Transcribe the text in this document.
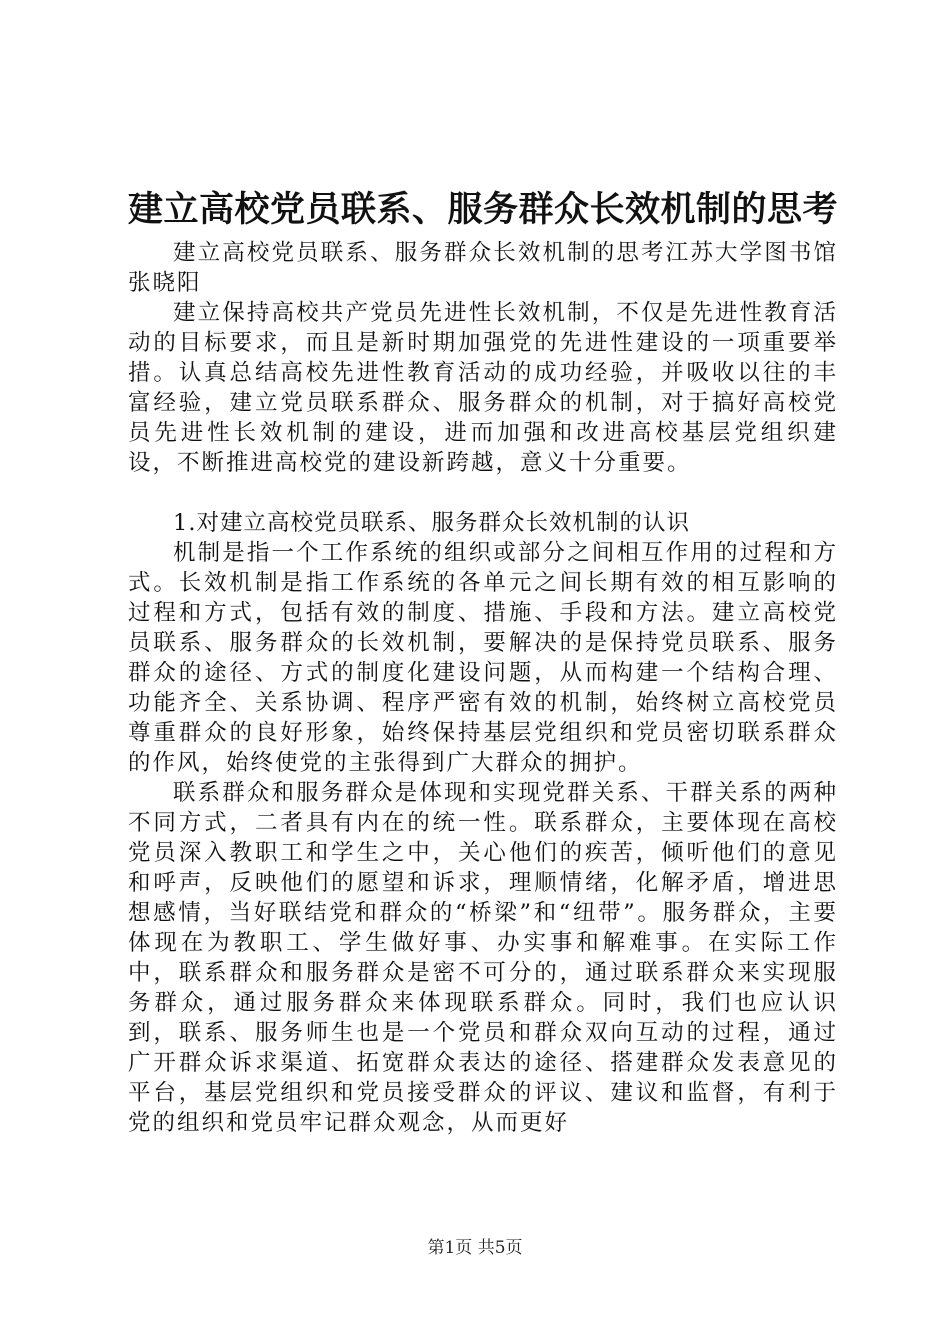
建立高校党员联系、服务群众长效机制的思考

建立高校党员联系、服务群众长效机制的思考江苏大学图书馆张晓阳

建立保持高校共产党员先进性长效机制，不仅是先进性教育活动的目标要求，而且是新时期加强党的先进性建设的一项重要举措。认真总结高校先进性教育活动的成功经验，并吸收以往的丰富经验，建立党员联系群众、服务群众的机制，对于搞好高校党员先进性长效机制的建设，进而加强和改进高校基层党组织建设，不断推进高校党的建设新跨越，意义十分重要。

1.对建立高校党员联系、服务群众长效机制的认识

机制是指一个工作系统的组织或部分之间相互作用的过程和方式。长效机制是指工作系统的各单元之间长期有效的相互影响的过程和方式，包括有效的制度、措施、手段和方法。建立高校党员联系、服务群众的长效机制，要解决的是保持党员联系、服务群众的途径、方式的制度化建设问题，从而构建一个结构合理、功能齐全、关系协调、程序严密有效的机制，始终树立高校党员尊重群众的良好形象，始终保持基层党组织和党员密切联系群众的作风，始终使党的主张得到广大群众的拥护。

联系群众和服务群众是体现和实现党群关系、干群关系的两种不同方式，二者具有内在的统一性。联系群众，主要体现在高校党员深入教职工和学生之中，关心他们的疾苦，倾听他们的意见和呼声，反映他们的愿望和诉求，理顺情绪，化解矛盾，增进思想感情，当好联结党和群众的“桥梁”和“纽带”。服务群众，主要体现在为教职工、学生做好事、办实事和解难事。在实际工作中，联系群众和服务群众是密不可分的，通过联系群众来实现服务群众，通过服务群众来体现联系群众。同时，我们也应认识到，联系、服务师生也是一个党员和群众双向互动的过程，通过广开群众诉求渠道、拓宽群众表达的途径、搭建群众发表意见的平台，基层党组织和党员接受群众的评议、建议和监督，有利于党的组织和党员牢记群众观念，从而更好

第1页 共5页
